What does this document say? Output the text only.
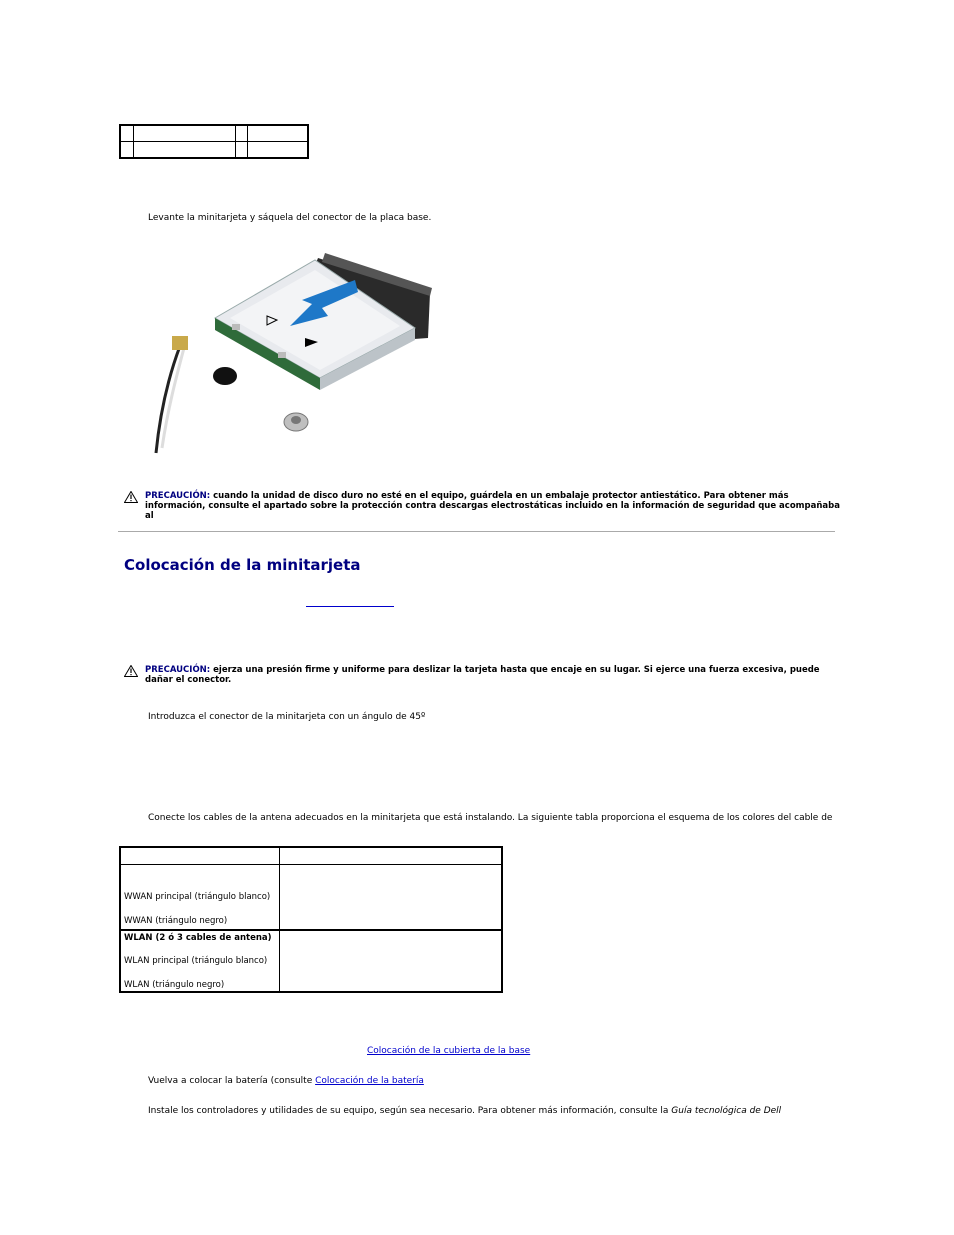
Levante la minitarjeta y sáquela del conector de la placa base.
PRECAUCIÓN: cuando la unidad de disco duro no esté en el equipo, guárdela en un embalaje protector antiestático. Para obtener más
información, consulte el apartado sobre la protección contra descargas electrostáticas incluido en la información de seguridad que acompañaba al
Colocación de la minitarjeta
PRECAUCIÓN: ejerza una presión firme y uniforme para deslizar la tarjeta hasta que encaje en su lugar. Si ejerce una fuerza excesiva, puede
dañar el conector.
Introduzca el conector de la minitarjeta con un ángulo de 45º
Conecte los cables de la antena adecuados en la minitarjeta que está instalando. La siguiente tabla proporciona el esquema de los colores del cable de
WWAN principal (triángulo blanco)
WWAN (triángulo negro)
WLAN (2 ó 3 cables de antena)
WLAN principal (triángulo blanco)
WLAN (triángulo negro)
Colocación de la cubierta de la base
Vuelva a colocar la batería (consulte Colocación de la batería
Instale los controladores y utilidades de su equipo, según sea necesario. Para obtener más información, consulte la Guía tecnológica de Dell
